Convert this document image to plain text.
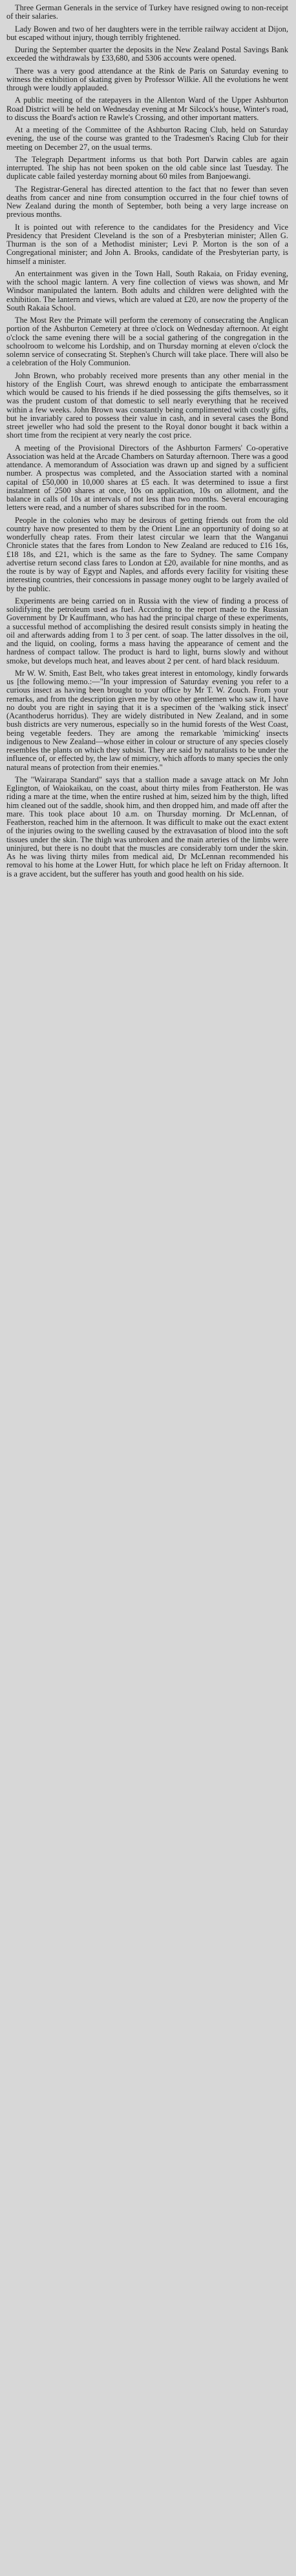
Three German Generals in the service of Turkey have resigned owing to non-receipt of their salaries.

Lady Bowen and two of her daughters were in the terrible railway accident at Dijon, but escaped without injury, though terribly frightened.

During the September quarter the deposits in the New Zealand Postal Savings Bank exceeded the withdrawals by £33,680, and 5306 accounts were opened.

There was a very good attendance at the Rink de Paris on Saturday evening to witness the exhibition of skating given by Professor Wilkie. All the evolutions he went through were loudly applauded.

A public meeting of the ratepayers in the Allenton Ward of the Upper Ashburton Road District will be held on Wednesday evening at Mr Silcock's house, Winter's road, to discuss the Board's action re Rawle's Crossing, and other important matters.

At a meeting of the Committee of the Ashburton Racing Club, held on Saturday evening, the use of the course was granted to the Tradesmen's Racing Club for their meeting on December 27, on the usual terms.

The Telegraph Department informs us that both Port Darwin cables are again interrupted. The ship has not been spoken on the old cable since last Tuesday. The duplicate cable failed yesterday morning about 60 miles from Banjoewangi.

The Registrar-General has directed attention to the fact that no fewer than seven deaths from cancer and nine from consumption occurred in the four chief towns of New Zealand during the month of September, both being a very large increase on previous months.

It is pointed out with reference to the candidates for the Presidency and Vice Presidency that President Cleveland is the son of a Presbyterian minister; Allen G. Thurman is the son of a Methodist minister; Levi P. Morton is the son of a Congregational minister; and John A. Brooks, candidate of the Presbyterian party, is himself a minister.

An entertainment was given in the Town Hall, South Rakaia, on Friday evening, with the school magic lantern. A very fine collection of views was shown, and Mr Windsor manipulated the lantern. Both adults and children were delighted with the exhibition. The lantern and views, which are valued at £20, are now the property of the South Rakaia School.

The Most Rev the Primate will perform the ceremony of consecrating the Anglican portion of the Ashburton Cemetery at three o'clock on Wednesday afternoon. At eight o'clock the same evening there will be a social gathering of the congregation in the schoolroom to welcome his Lordship, and on Thursday morning at eleven o'clock the solemn service of consecrating St. Stephen's Church will take place. There will also be a celebration of the Holy Communion.

John Brown, who probably received more presents than any other menial in the history of the English Court, was shrewd enough to anticipate the embarrassment which would be caused to his friends if he died possessing the gifts themselves, so it was the prudent custom of that domestic to sell nearly everything that he received within a few weeks. John Brown was constantly being complimented with costly gifts, but he invariably cared to possess their value in cash, and in several cases the Bond street jeweller who had sold the present to the Royal donor bought it back within a short time from the recipient at very nearly the cost price.

A meeting of the Provisional Directors of the Ashburton Farmers' Co-operative Association was held at the Arcade Chambers on Saturday afternoon. There was a good attendance. A memorandum of Association was drawn up and signed by a sufficient number. A prospectus was completed, and the Association started with a nominal capital of £50,000 in 10,000 shares at £5 each. It was determined to issue a first instalment of 2500 shares at once, 10s on application, 10s on allotment, and the balance in calls of 10s at intervals of not less than two months. Several encouraging letters were read, and a number of shares subscribed for in the room.

People in the colonies who may be desirous of getting friends out from the old country have now presented to them by the Orient Line an opportunity of doing so at wonderfully cheap rates. From their latest circular we learn that the Wanganui Chronicle states that the fares from London to New Zealand are reduced to £16 16s, £18 18s, and £21, which is the same as the fare to Sydney. The same Company advertise return second class fares to London at £20, available for nine months, and as the route is by way of Egypt and Naples, and affords every facility for visiting these interesting countries, their concessions in passage money ought to be largely availed of by the public.

Experiments are being carried on in Russia with the view of finding a process of solidifying the petroleum used as fuel. According to the report made to the Russian Government by Dr Kauffmann, who has had the principal charge of these experiments, a successful method of accomplishing the desired result consists simply in heating the oil and afterwards adding from 1 to 3 per cent. of soap. The latter dissolves in the oil, and the liquid, on cooling, forms a mass having the appearance of cement and the hardness of compact tallow. The product is hard to light, burns slowly and without smoke, but develops much heat, and leaves about 2 per cent. of hard black residuum.

Mr W. W. Smith, East Belt, who takes great interest in entomology, kindly forwards us [the following memo.:—"In your impression of Saturday evening you refer to a curious insect as having been brought to your office by Mr T. W. Zouch. From your remarks, and from the description given me by two other gentlemen who saw it, I have no doubt you are right in saying that it is a specimen of the 'walking stick insect' (Acanthoderus horridus). They are widely distributed in New Zealand, and in some bush districts are very numerous, especially so in the humid forests of the West Coast, being vegetable feeders. They are among the remarkable 'mimicking' insects indigenous to New Zealand—whose either in colour or structure of any species closely resembles the plants on which they subsist. They are said by naturalists to be under the influence of, or effected by, the law of mimicry, which affords to many species the only natural means of protection from their enemies."

The "Wairarapa Standard" says that a stallion made a savage attack on Mr John Eglington, of Waiokaikau, on the coast, about thirty miles from Featherston. He was riding a mare at the time, when the entire rushed at him, seized him by the thigh, lifted him cleaned out of the saddle, shook him, and then dropped him, and made off after the mare. This took place about 10 a.m. on Thursday morning. Dr McLennan, of Featherston, reached him in the afternoon. It was difficult to make out the exact extent of the injuries owing to the swelling caused by the extravasation of blood into the soft tissues under the skin. The thigh was unbroken and the main arteries of the limbs were uninjured, but there is no doubt that the muscles are considerably torn under the skin. As he was living thirty miles from medical aid, Dr McLennan recommended his removal to his home at the Lower Hutt, for which place he left on Friday afternoon. It is a grave accident, but the sufferer has youth and good health on his side.
